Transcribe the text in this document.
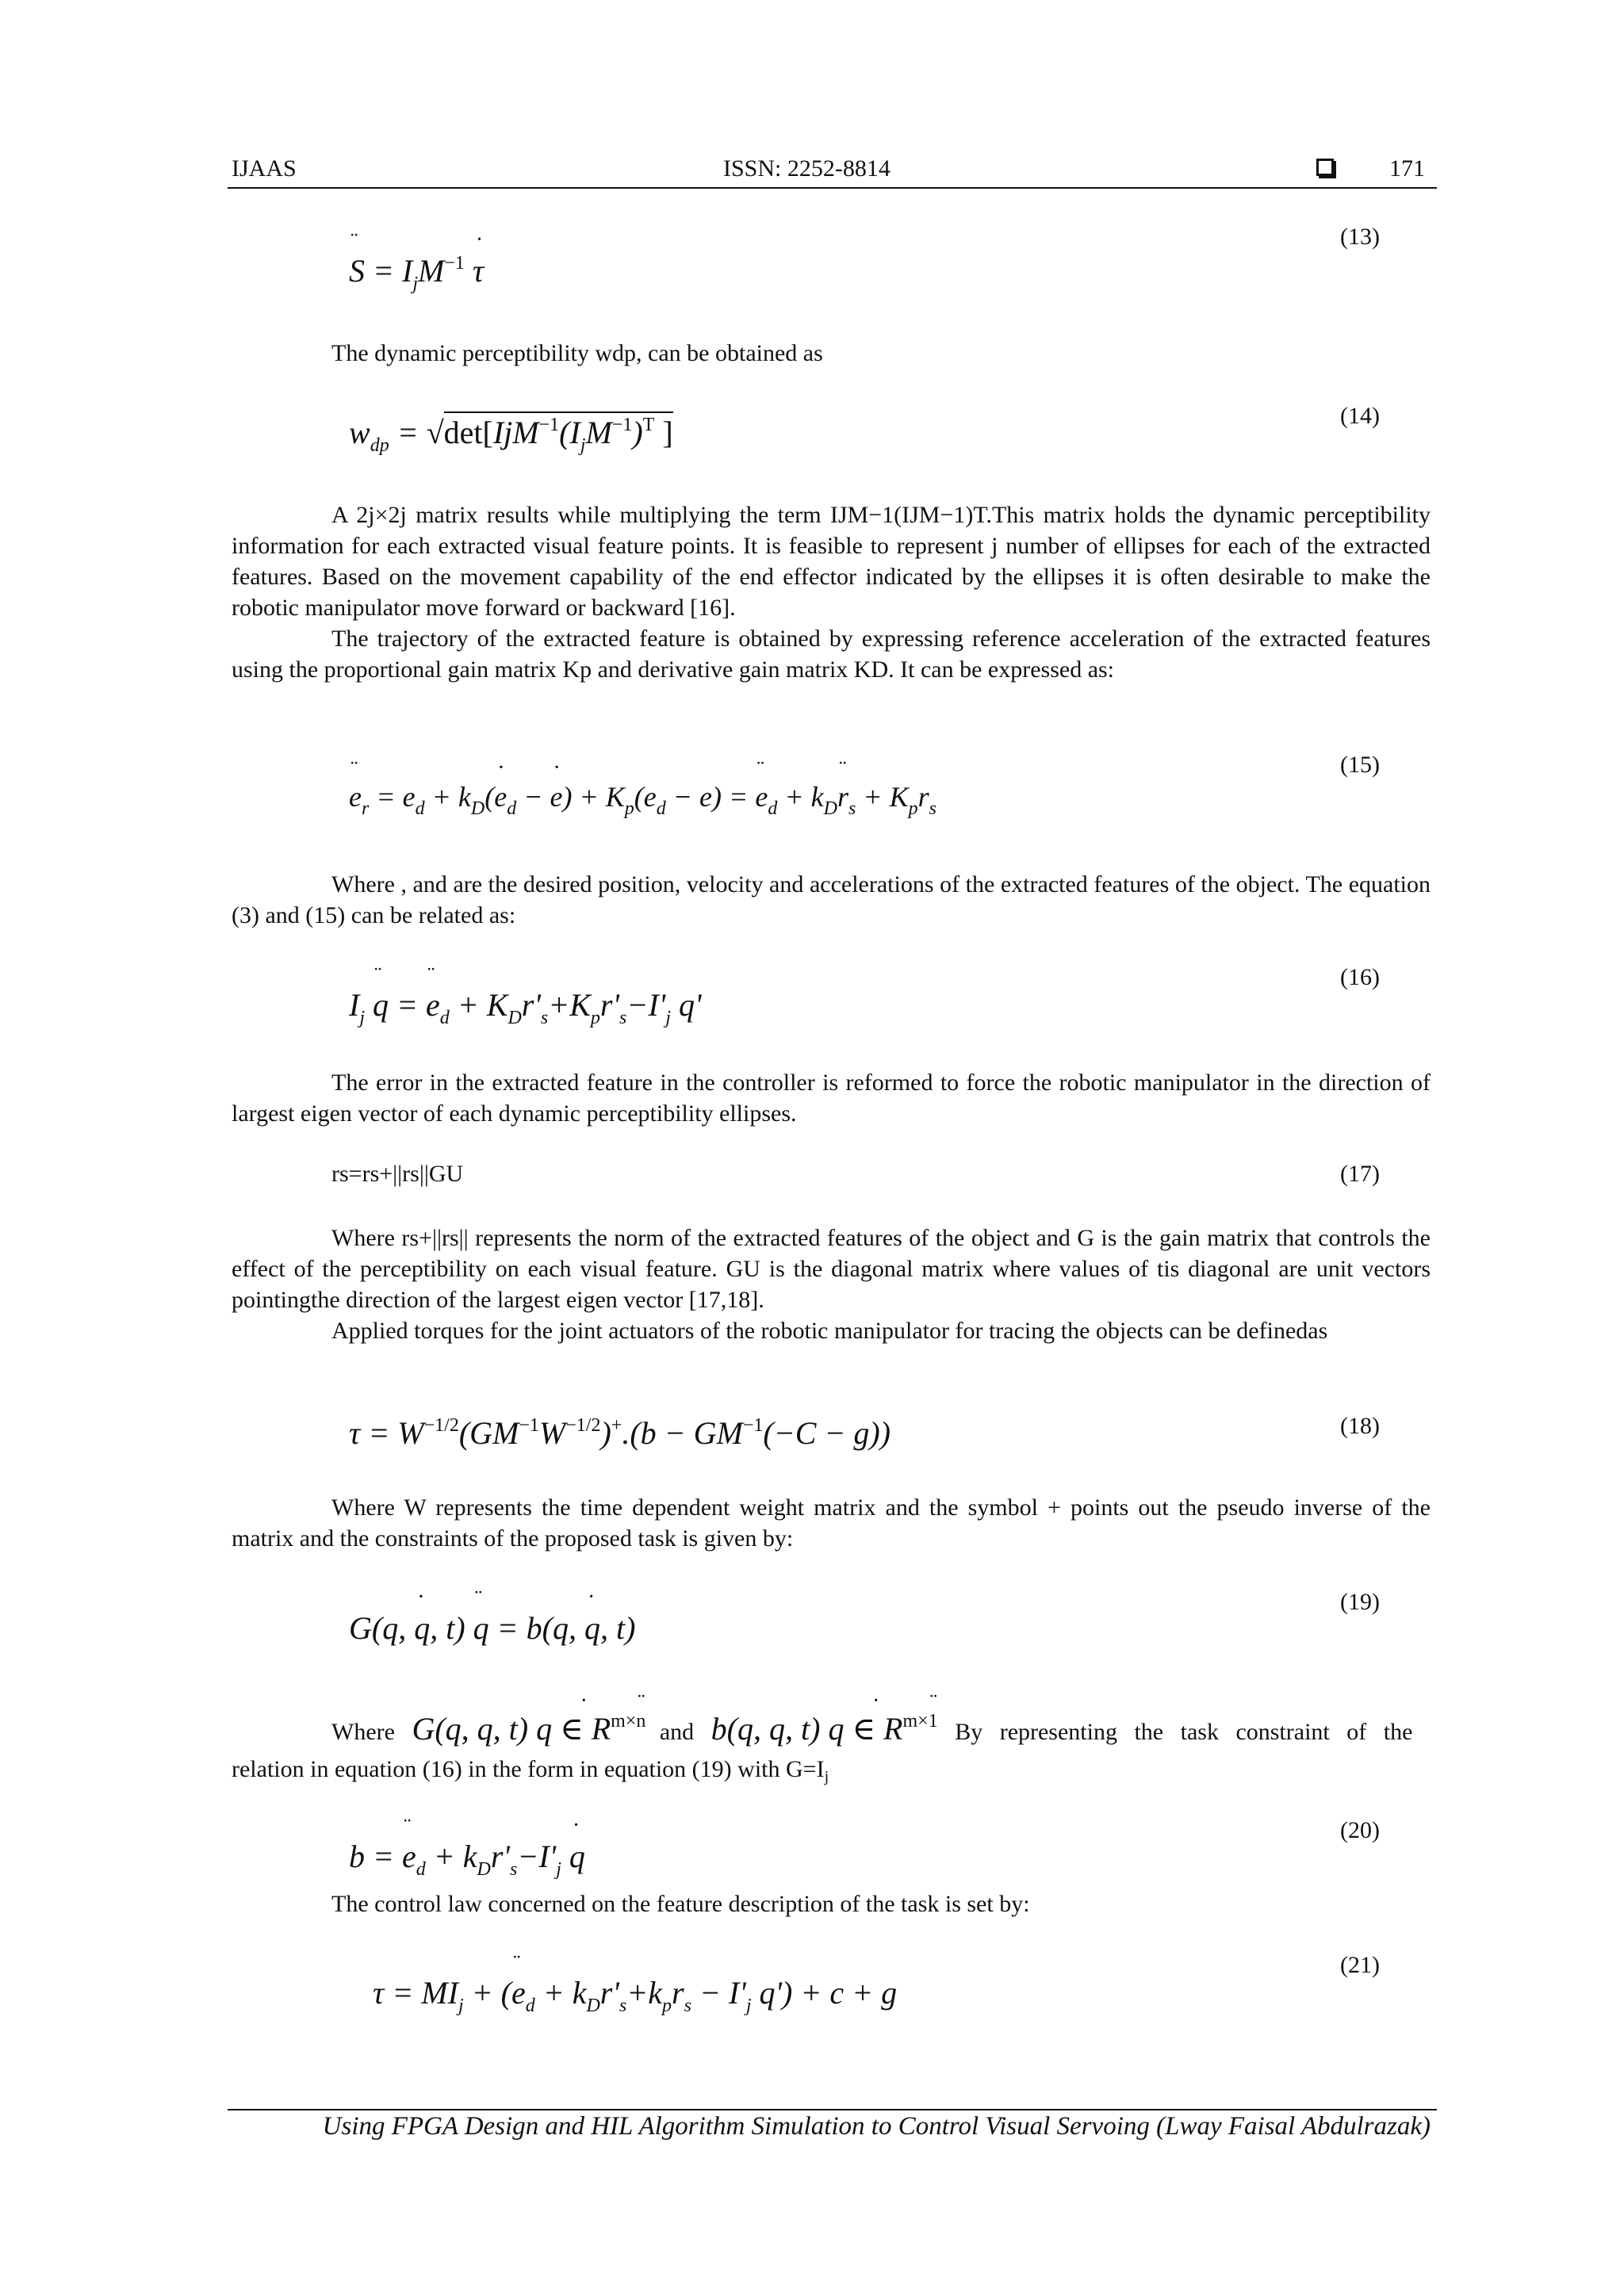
IJAAS	ISSN: 2252-8814	171
¨ $S = I_jM^{-1} \cdot \tau$
(13)
The dynamic perceptibility wdp, can be obtained as
$w_{dp} = √\det[IjM^{-1}(I_jM^{-1})^T$ ]	(14)
A 2j×2j matrix results while multiplying the term IJM−1(IJM−1)T.This matrix holds the dynamic perceptibility information for each extracted visual feature points. It is feasible to represent j number of ellipses for each of the extracted features. Based on the movement capability of the end effector indicated by the ellipses it is often desirable to make the robotic manipulator move forward or backward [16].
The trajectory of the extracted feature is obtained by expressing reference acceleration of the extracted features using the proportional gain matrix Kp and derivative gain matrix KD. It can be expressed as:
¨ $e_r = e_d + k_D(\cdot e_d$ − · $e) + K_p(e_d - e)$ = ¨ $e_d$ + $k_D¨$ $r_s + K_pr_s$
(15)
Where , and are the desired position, velocity and accelerations of the extracted features of the object. The equation (3) and (15) can be related as:
$I_j$ ¨ q = ¨ $e_d + K_Dr'_s+K_pr'_s-I'_j$ q'
(16)
The error in the extracted feature in the controller is reformed to force the robotic manipulator in the direction of largest eigen vector of each dynamic perceptibility ellipses.
rs=rs+||rs||GU	(17)
Where rs+||rs|| represents the norm of the extracted features of the object and G is the gain matrix that controls the effect of the perceptibility on each visual feature. GU is the diagonal matrix where values of tis diagonal are unit vectors pointingthe direction of the largest eigen vector [17,18].
Applied torques for the joint actuators of the robotic manipulator for tracing the objects can be definedas
$\tau = W^{-1/2}(GM^{-1}W^{-1/2})^+.(b - GM^{-1}(-C - g))$	(18)
Where W represents the time dependent weight matrix and the symbol + points out the pseudo inverse of the matrix and the constraints of the proposed task is given by:
G(q, · q, t) ¨ q = b(q, · q, t)
(19)
Where G(q, · q, t) ¨ q ∈ $R^{m\times n}$ and b(q, · q, t) ¨ q ∈ $R^{m\times 1}$ By representing the task constraint of the
relation in equation (16) in the form in equation (19) with $G=I_j$
b = ¨ $e_d + k_Dr'_s-I'_j \cdot q$
(20)
The control law concerned on the feature description of the task is set by:
$\tau = MI_j$ + (¨ $e_d + k_Dr'_s+k_pr_s - I'_j$ q') + c + g
(21)
Using FPGA Design and HIL Algorithm Simulation to Control Visual Servoing (Lway Faisal Abdulrazak)
